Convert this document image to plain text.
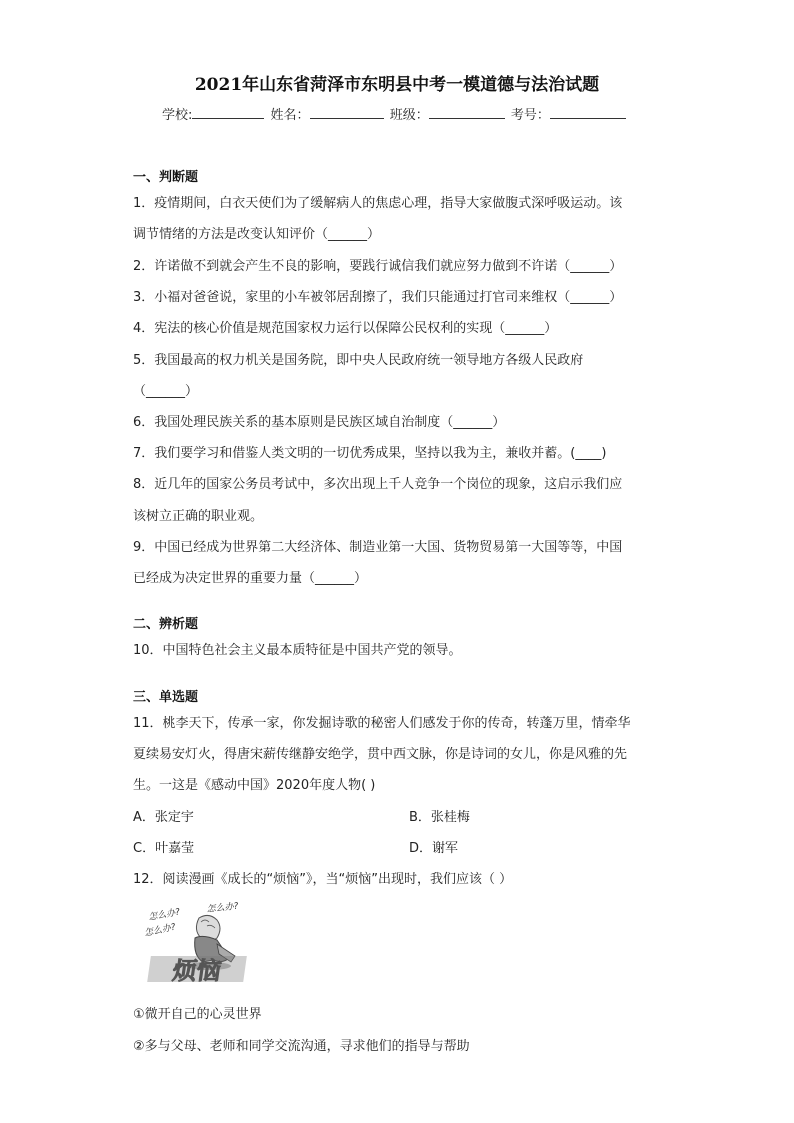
2021年山东省菏泽市东明县中考一模道德与法治试题
学校:	姓名：	班级：	考号：
一、判断题
1．疫情期间，白衣天使们为了缓解病人的焦虑心理，指导大家做腹式深呼吸运动。该
调节情绪的方法是改变认知评价（______）
2．许诺做不到就会产生不良的影响，要践行诚信我们就应努力做到不许诺（______）
3．小福对爸爸说，家里的小车被邻居刮擦了，我们只能通过打官司来维权（______）
4．宪法的核心价值是规范国家权力运行以保障公民权利的实现（______）
5．我国最高的权力机关是国务院，即中央人民政府统一领导地方各级人民政府
（______）
6．我国处理民族关系的基本原则是民族区域自治制度（______）
7．我们要学习和借鉴人类文明的一切优秀成果，坚持以我为主，兼收并蓄。(____)
8．近几年的国家公务员考试中，多次出现上千人竞争一个岗位的现象，这启示我们应
该树立正确的职业观。
9．中国已经成为世界第二大经济体、制造业第一大国、货物贸易第一大国等等，中国
已经成为决定世界的重要力量（______）
二、辨析题
10．中国特色社会主义最本质特征是中国共产党的领导。
三、单选题
11．桃李天下，传承一家，你发掘诗歌的秘密人们感发于你的传奇，转蓬万里，情牵华
夏续易安灯火，得唐宋薪传继静安绝学，贯中西文脉，你是诗词的女儿，你是风雅的先
生。一这是《感动中国》2020年度人物( )
A．张定宇	B．张桂梅
C．叶嘉莹	D．谢军
12．阅读漫画《成长的“烦恼”》，当“烦恼”出现时，我们应该（ ）
怎么办?	怎么办?
怎么办?
烦恼
①微开自己的心灵世界
②多与父母、老师和同学交流沟通，寻求他们的指导与帮助
